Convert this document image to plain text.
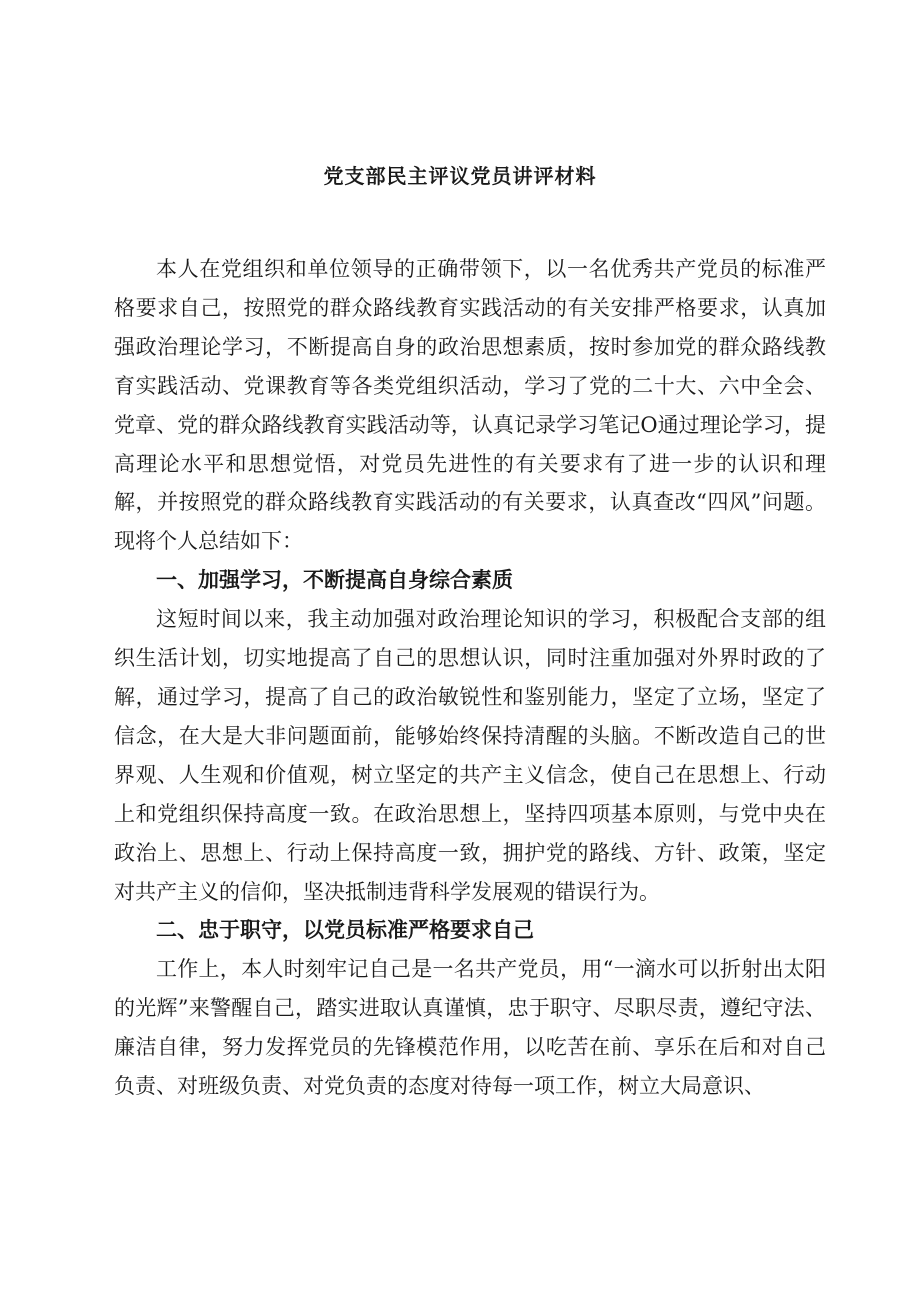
党支部民主评议党员讲评材料

本人在党组织和单位领导的正确带领下，以一名优秀共产党员的标准严格要求自己，按照党的群众路线教育实践活动的有关安排严格要求，认真加强政治理论学习，不断提高自身的政治思想素质，按时参加党的群众路线教育实践活动、党课教育等各类党组织活动，学习了党的二十大、六中全会、党章、党的群众路线教育实践活动等，认真记录学习笔记O通过理论学习，提高理论水平和思想觉悟，对党员先进性的有关要求有了进一步的认识和理解，并按照党的群众路线教育实践活动的有关要求，认真查改“四风”问题。现将个人总结如下：

一、加强学习，不断提高自身综合素质

这短时间以来，我主动加强对政治理论知识的学习，积极配合支部的组织生活计划，切实地提高了自己的思想认识，同时注重加强对外界时政的了解，通过学习，提高了自己的政治敏锐性和鉴别能力，坚定了立场，坚定了信念，在大是大非问题面前，能够始终保持清醒的头脑。不断改造自己的世界观、人生观和价值观，树立坚定的共产主义信念，使自己在思想上、行动上和党组织保持高度一致。在政治思想上，坚持四项基本原则，与党中央在政治上、思想上、行动上保持高度一致，拥护党的路线、方针、政策，坚定对共产主义的信仰，坚决抵制违背科学发展观的错误行为。

二、忠于职守，以党员标准严格要求自己

工作上，本人时刻牢记自己是一名共产党员，用“一滴水可以折射出太阳的光辉”来警醒自己，踏实进取认真谨慎，忠于职守、尽职尽责，遵纪守法、廉洁自律，努力发挥党员的先锋模范作用，以吃苦在前、享乐在后和对自己负责、对班级负责、对党负责的态度对待每一项工作，树立大局意识、
